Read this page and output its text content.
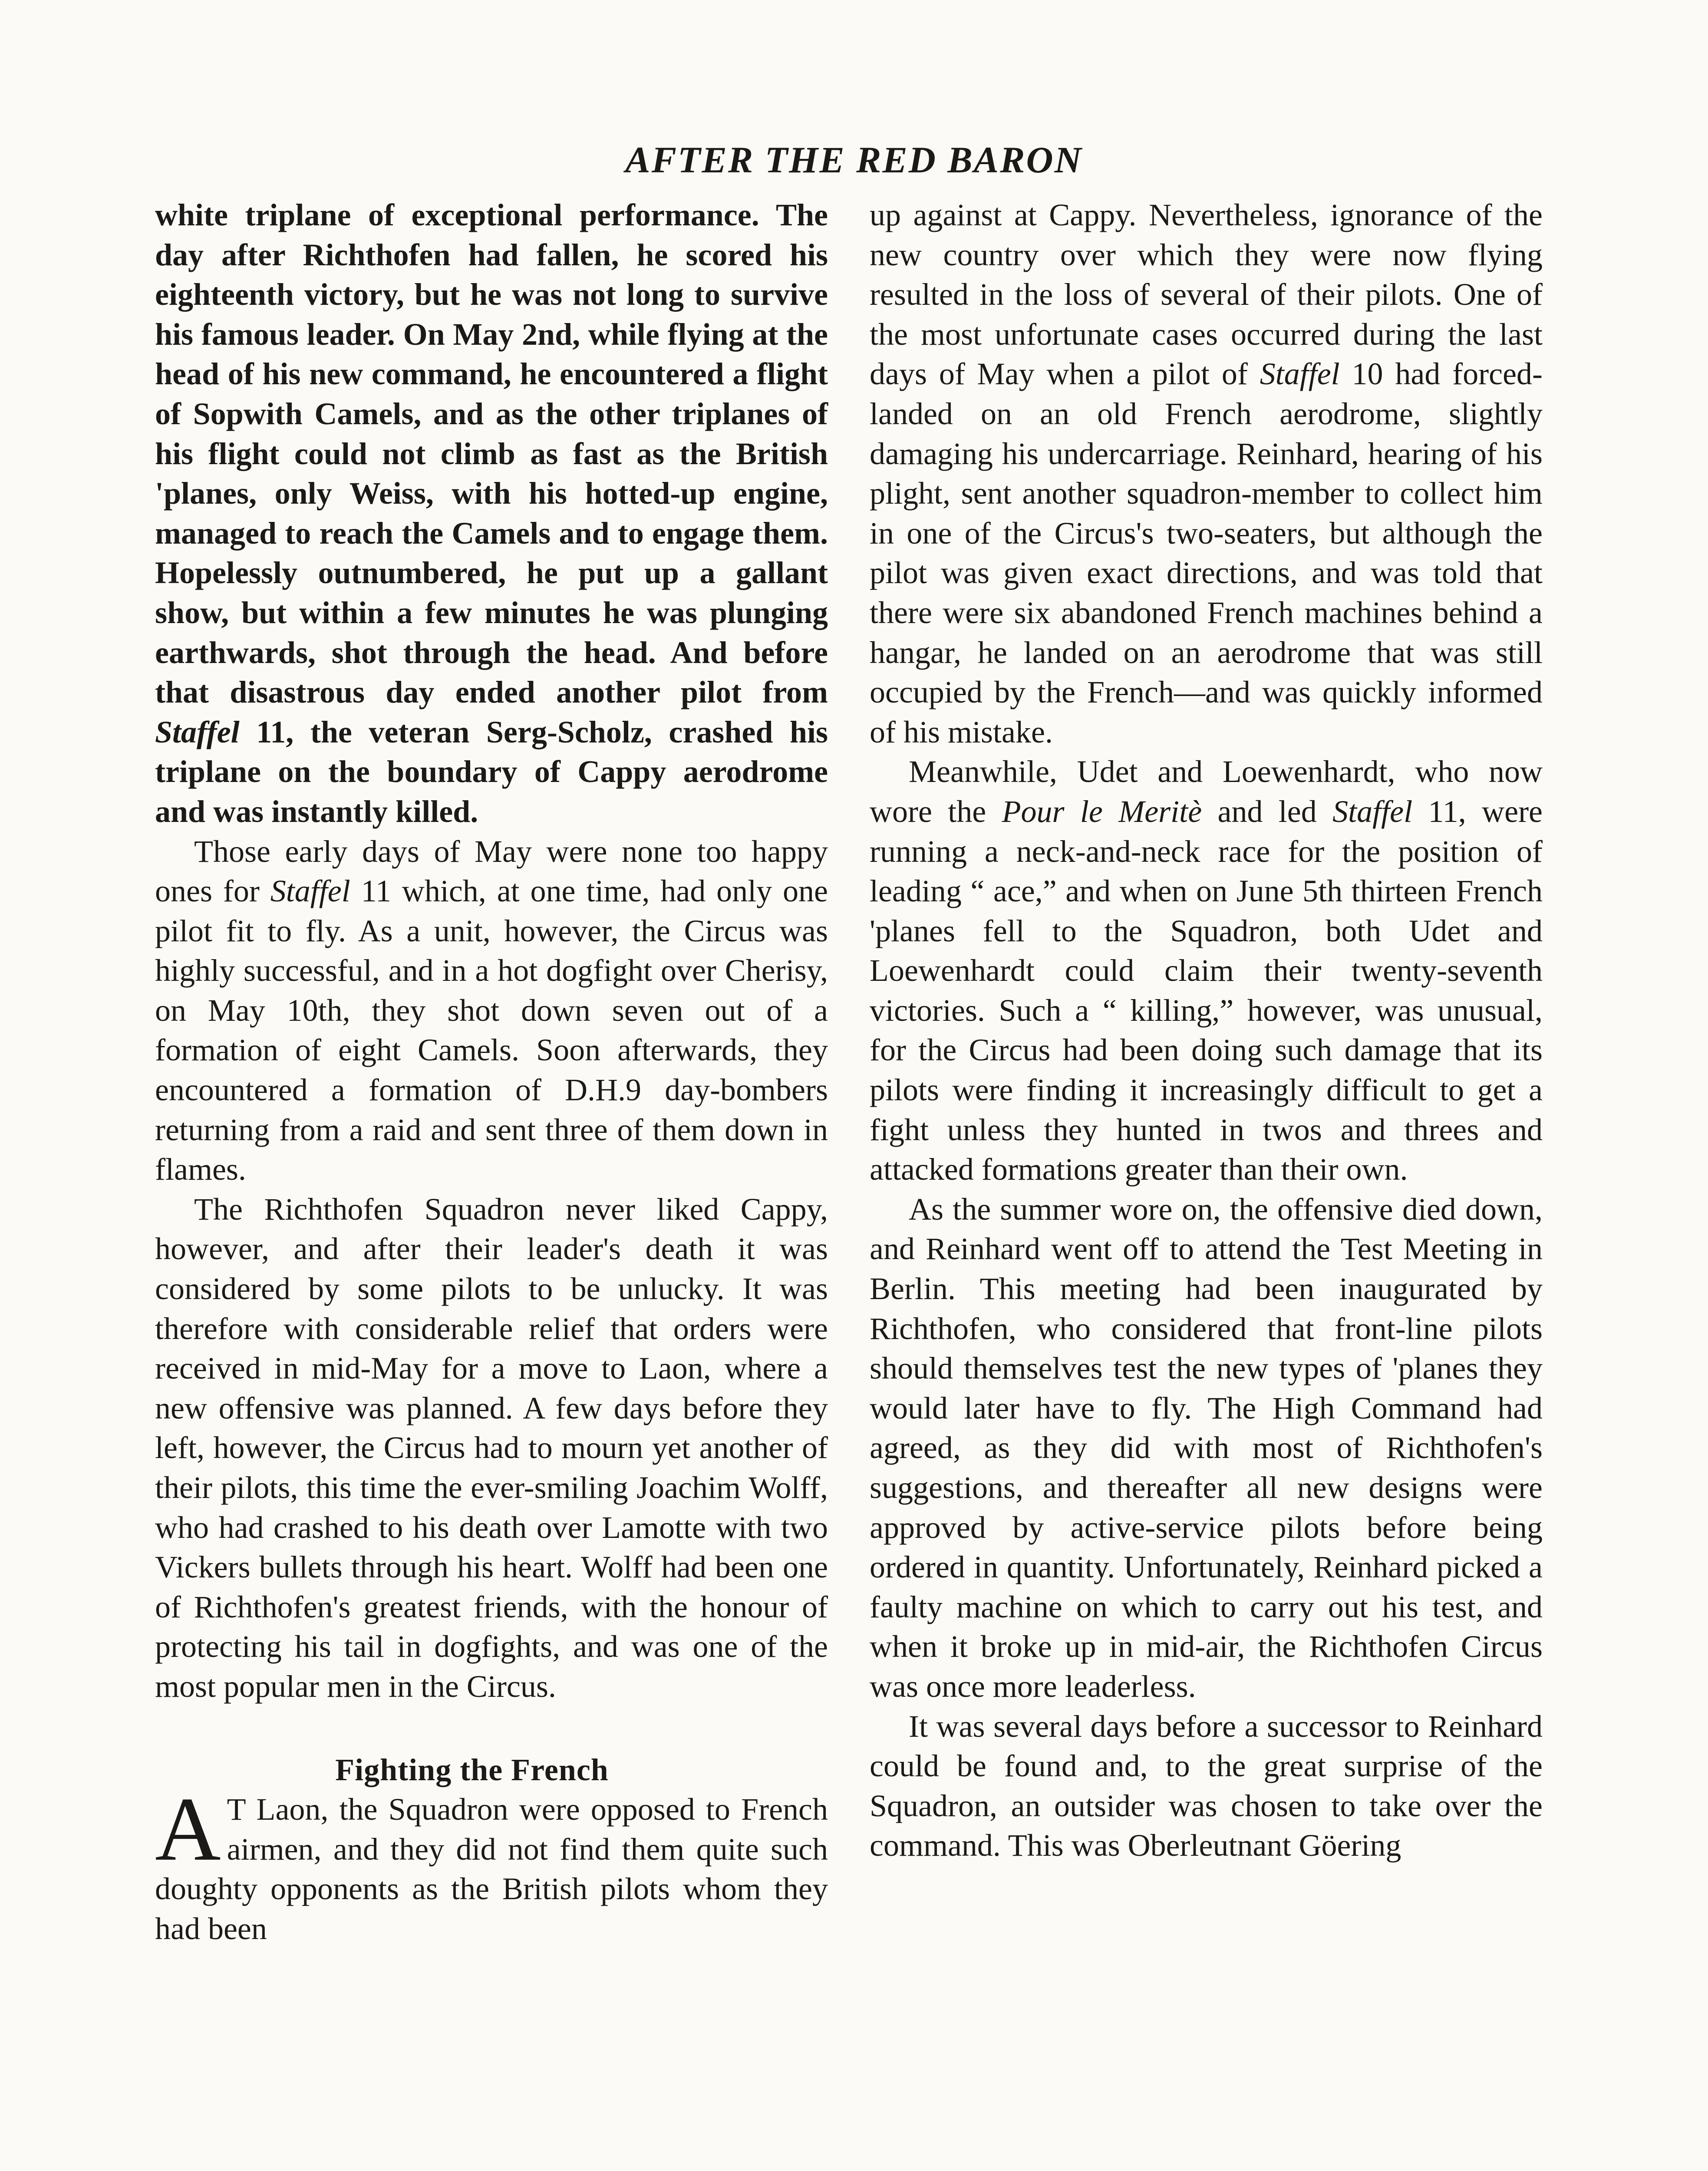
AFTER THE RED BARON

white triplane of exceptional performance. The day after Richthofen had fallen, he scored his eighteenth victory, but he was not long to survive his famous leader. On May 2nd, while flying at the head of his new command, he encountered a flight of Sopwith Camels, and as the other triplanes of his flight could not climb as fast as the British 'planes, only Weiss, with his hotted-up engine, managed to reach the Camels and to engage them. Hopelessly outnumbered, he put up a gallant show, but within a few minutes he was plunging earthwards, shot through the head. And before that disastrous day ended another pilot from Staffel 11, the veteran Serg-Scholz, crashed his triplane on the boundary of Cappy aerodrome and was instantly killed.

Those early days of May were none too happy ones for Staffel 11 which, at one time, had only one pilot fit to fly. As a unit, however, the Circus was highly successful, and in a hot dogfight over Cherisy, on May 10th, they shot down seven out of a formation of eight Camels. Soon afterwards, they encountered a formation of D.H.9 day-bombers returning from a raid and sent three of them down in flames.

The Richthofen Squadron never liked Cappy, however, and after their leader's death it was considered by some pilots to be unlucky. It was therefore with considerable relief that orders were received in mid-May for a move to Laon, where a new offensive was planned. A few days before they left, however, the Circus had to mourn yet another of their pilots, this time the ever-smiling Joachim Wolff, who had crashed to his death over Lamotte with two Vickers bullets through his heart. Wolff had been one of Richthofen's greatest friends, with the honour of protecting his tail in dogfights, and was one of the most popular men in the Circus.

Fighting the French

A T Laon, the Squadron were opposed to French airmen, and they did not find them quite such doughty opponents as the British pilots whom they had been

up against at Cappy. Nevertheless, ignorance of the new country over which they were now flying resulted in the loss of several of their pilots. One of the most unfortunate cases occurred during the last days of May when a pilot of Staffel 10 had forced-landed on an old French aerodrome, slightly damaging his undercarriage. Reinhard, hearing of his plight, sent another squadron-member to collect him in one of the Circus's two-seaters, but although the pilot was given exact directions, and was told that there were six abandoned French machines behind a hangar, he landed on an aerodrome that was still occupied by the French—and was quickly informed of his mistake.

Meanwhile, Udet and Loewenhardt, who now wore the Pour le Meritè and led Staffel 11, were running a neck-and-neck race for the position of leading “ ace,” and when on June 5th thirteen French 'planes fell to the Squadron, both Udet and Loewenhardt could claim their twenty-seventh victories. Such a “ killing,” however, was unusual, for the Circus had been doing such damage that its pilots were finding it increasingly difficult to get a fight unless they hunted in twos and threes and attacked formations greater than their own.

As the summer wore on, the offensive died down, and Reinhard went off to attend the Test Meeting in Berlin. This meeting had been inaugurated by Richthofen, who considered that front-line pilots should themselves test the new types of 'planes they would later have to fly. The High Command had agreed, as they did with most of Richthofen's suggestions, and thereafter all new designs were approved by active-service pilots before being ordered in quantity. Unfortunately, Reinhard picked a faulty machine on which to carry out his test, and when it broke up in mid-air, the Richthofen Circus was once more leaderless.

It was several days before a successor to Reinhard could be found and, to the great surprise of the Squadron, an outsider was chosen to take over the command. This was Oberleutnant Göering
